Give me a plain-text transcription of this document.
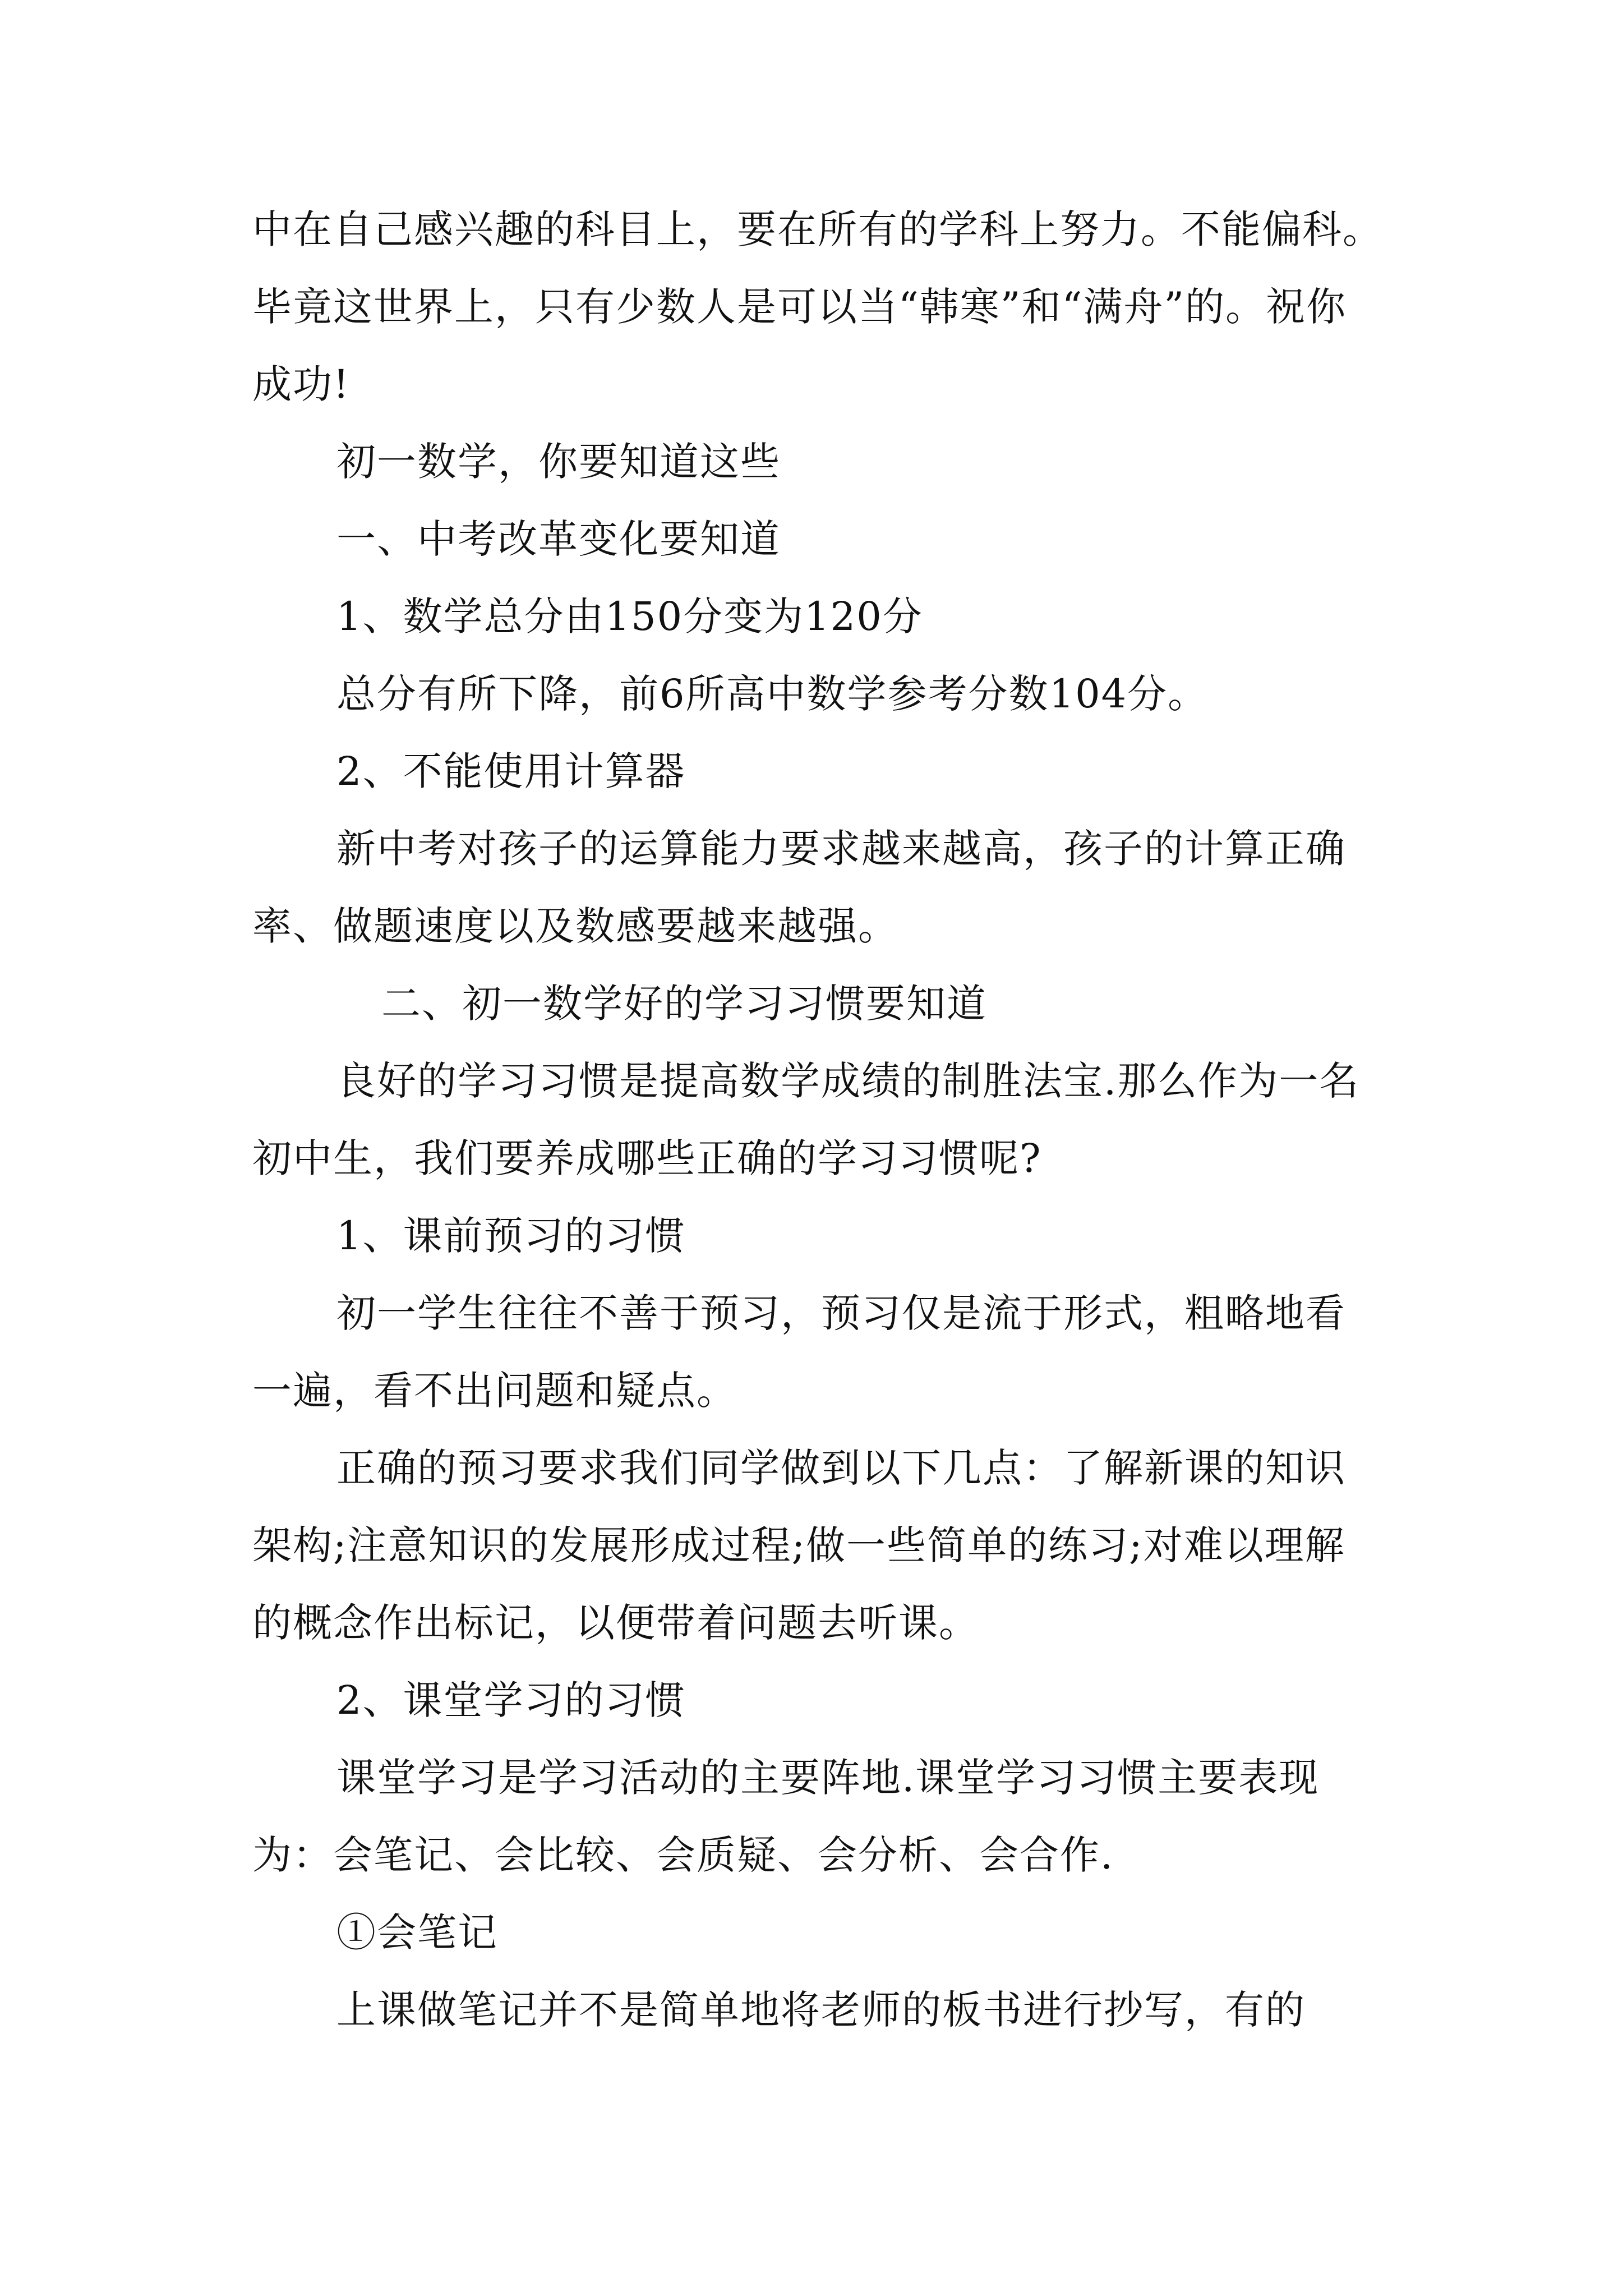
中在自己感兴趣的科目上，要在所有的学科上努力。不能偏科。毕竟这世界上，只有少数人是可以当“韩寒”和“满舟”的。祝你成功!

初一数学，你要知道这些

一、中考改革变化要知道

1、数学总分由150分变为120分

总分有所下降，前6所高中数学参考分数104分。

2、不能使用计算器

新中考对孩子的运算能力要求越来越高，孩子的计算正确率、做题速度以及数感要越来越强。

二、初一数学好的学习习惯要知道

良好的学习习惯是提高数学成绩的制胜法宝.那么作为一名初中生，我们要养成哪些正确的学习习惯呢?

1、课前预习的习惯

初一学生往往不善于预习，预习仅是流于形式，粗略地看一遍，看不出问题和疑点。

正确的预习要求我们同学做到以下几点：了解新课的知识架构;注意知识的发展形成过程;做一些简单的练习;对难以理解的概念作出标记，以便带着问题去听课。

2、课堂学习的习惯

课堂学习是学习活动的主要阵地.课堂学习习惯主要表现为：会笔记、会比较、会质疑、会分析、会合作.

①会笔记

上课做笔记并不是简单地将老师的板书进行抄写，有的
